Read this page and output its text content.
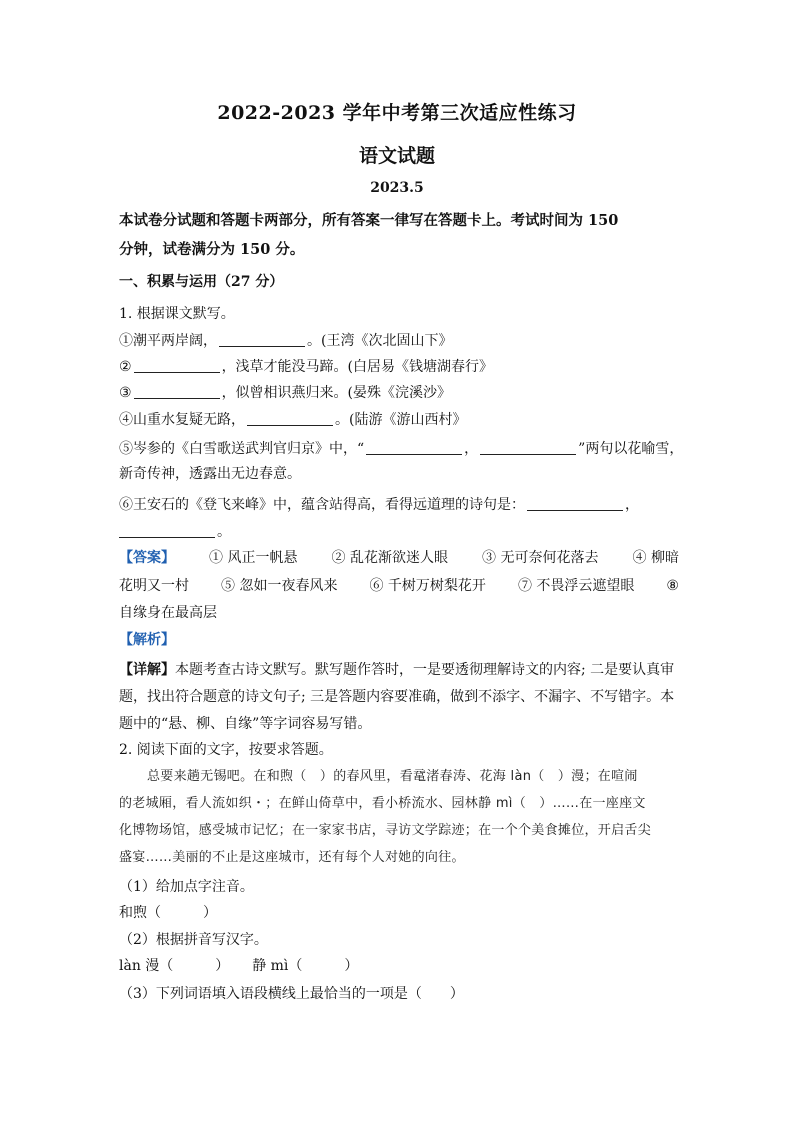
2022-2023 学年中考第三次适应性练习
语文试题
2023.5
本试卷分试题和答题卡两部分，所有答案一律写在答题卡上。考试时间为 150
分钟，试卷满分为 150 分。
一、积累与运用（27 分）
1. 根据课文默写。
①潮平两岸阔，	。(王湾《次北固山下》
②	，浅草才能没马蹄。(白居易《钱塘湖春行》
③	，似曾相识燕归来。(晏殊《浣溪沙》
④山重水复疑无路，	。(陆游《游山西村》
⑤岑参的《白雪歌送武判官归京》中，“	，	”两句以花喻雪，
新奇传神，透露出无边春意。
⑥王安石的《登飞来峰》中，蕴含站得高，看得远道理的诗句是：	，
。
【答案】 ① 风正一帆悬 ② 乱花渐欲迷人眼 ③ 无可奈何花落去 ④ 柳暗
花明又一村 ⑤ 忽如一夜春风来 ⑥ 千树万树梨花开 ⑦ 不畏浮云遮望眼 ⑧
自缘身在最高层
【解析】
【详解】本题考查古诗文默写。默写题作答时，一是要透彻理解诗文的内容; 二是要认真审题，找出符合题意的诗文句子; 三是答题内容要准确，做到不添字、不漏字、不写错字。本题中的“悬、柳、自缘”等字词容易写错。
2. 阅读下面的文字，按要求答题。
总要来趟无锡吧。在和煦（　）的春风里，看鼋渚春涛、花海 làn（　）漫；在喧闹
的老城厢，看人流如织・；在鲜山倚草中，看小桥流水、园林静 mì（　）……在一座座文
化博物场馆，感受城市记忆；在一家家书店，寻访文学踪迹；在一个个美食摊位，开启舌尖
盛宴……美丽的不止是这座城市，还有每个人对她的向往。
（1）给加点字注音。
和煦（　　　）
（2）根据拼音写汉字。
làn 漫（　　　） 静 mì（　　　）
（3）下列词语填入语段横线上最恰当的一项是（　　）
